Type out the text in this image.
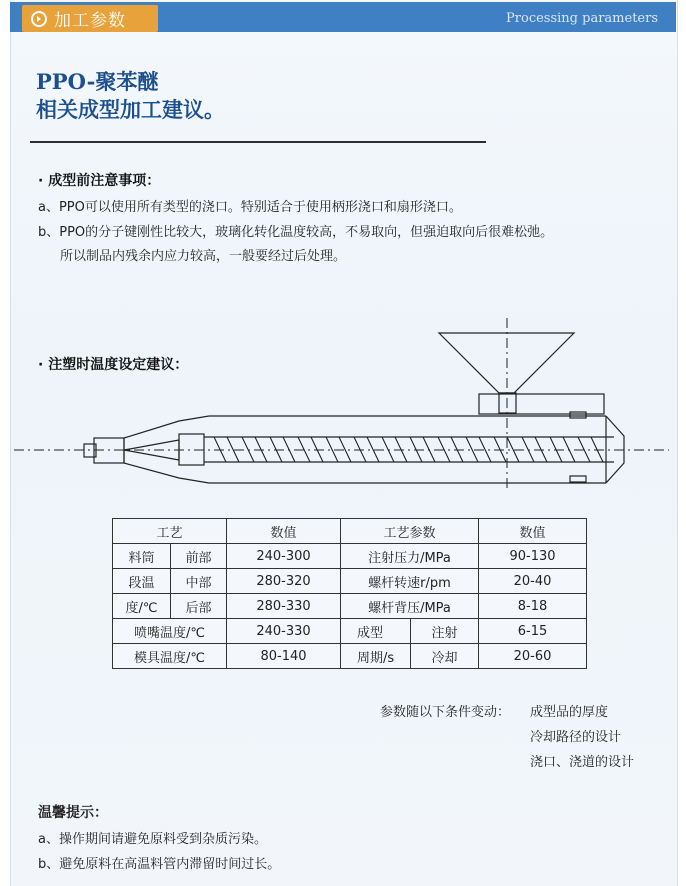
Processing parameters
加工参数
PPO-聚苯醚
相关成型加工建议。
· 成型前注意事项：
a、PPO可以使用所有类型的浇口。特别适合于使用柄形浇口和扇形浇口。
b、PPO的分子键刚性比较大，玻璃化转化温度较高，不易取向，但强迫取向后很难松弛。
所以制品内残余内应力较高，一般要经过后处理。
· 注塑时温度设定建议：
工艺		数值	工艺参数		数值
料筒	前部	240-300	注射压力/MPa		90-130
段温	中部	280-320	螺杆转速r/pm		20-40
度/℃	后部	280-330	螺杆背压/MPa		8-18
喷嘴温度/℃		240-330	成型	注射	6-15
模具温度/℃		80-140	周期/s	冷却	20-60
参数随以下条件变动： 成型品的厚度
冷却路径的设计
浇口、浇道的设计
温馨提示：
a、操作期间请避免原料受到杂质污染。
b、避免原料在高温料管内滞留时间过长。
